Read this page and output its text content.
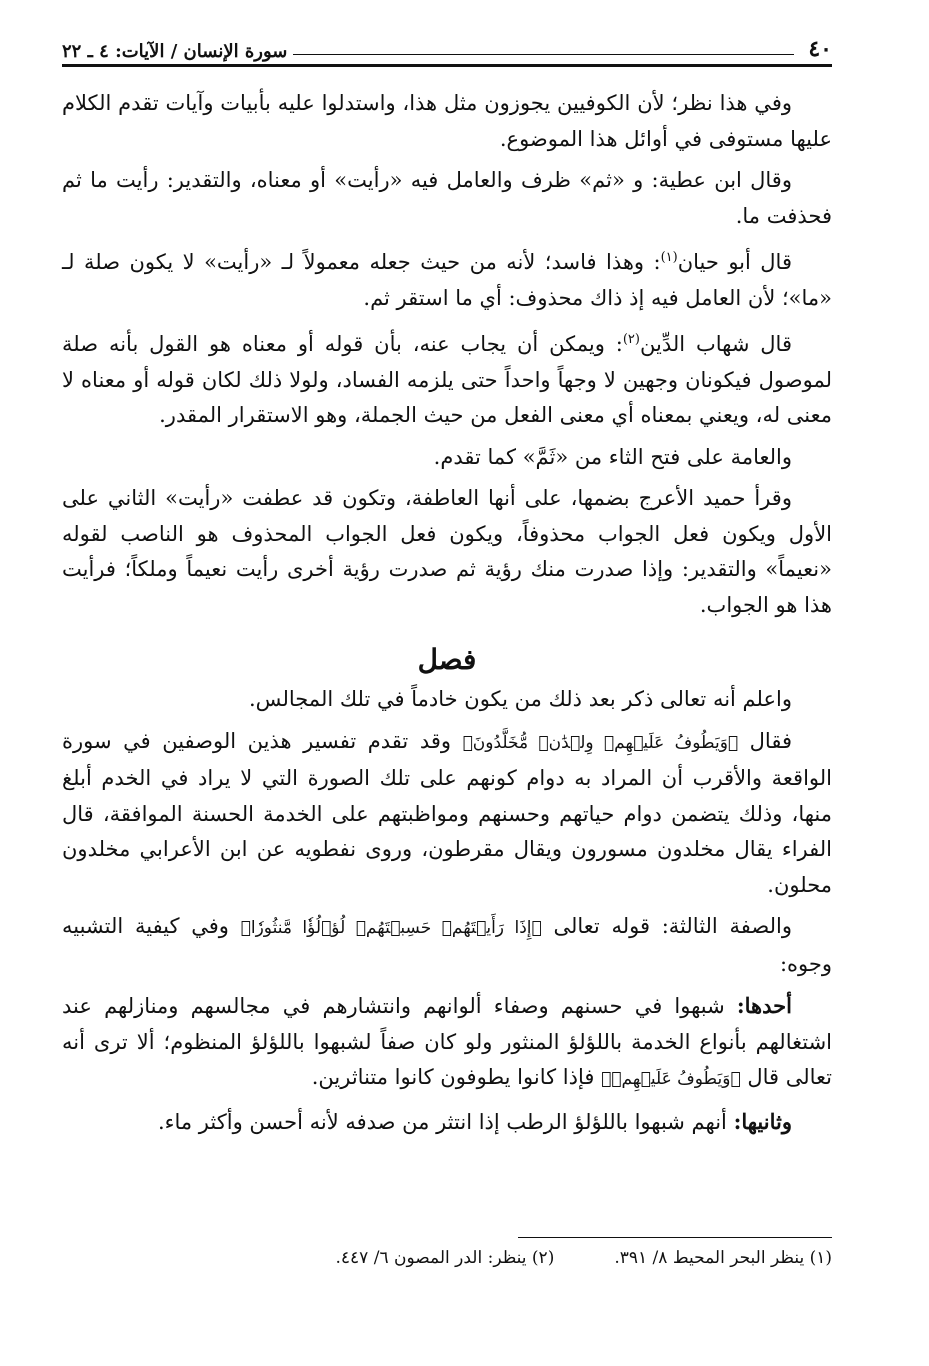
٤٠
سورة الإنسان / الآيات: ٤ ـ ٢٢

وفي هذا نظر؛ لأن الكوفيين يجوزون مثل هذا، واستدلوا عليه بأبيات وآيات تقدم الكلام عليها مستوفى في أوائل هذا الموضوع.

وقال ابن عطية: و «ثم» ظرف والعامل فيه «رأيت» أو معناه، والتقدير: رأيت ما ثم فحذفت ما.

قال أبو حيان$^{(١)}$: وهذا فاسد؛ لأنه من حيث جعله معمولاً لـ «رأيت» لا يكون صلة لـ «ما»؛ لأن العامل فيه إذ ذاك محذوف: أي ما استقر ثم.

قال شهاب الدِّين$^{(٢)}$: ويمكن أن يجاب عنه، بأن قوله أو معناه هو القول بأنه صلة لموصول فيكونان وجهين لا وجهاً واحداً حتى يلزمه الفساد، ولولا ذلك لكان قوله أو معناه لا معنى له، ويعني بمعناه أي معنى الفعل من حيث الجملة، وهو الاستقرار المقدر.

والعامة على فتح الثاء من «ثَمَّ» كما تقدم.

وقرأ حميد الأعرج بضمها، على أنها العاطفة، وتكون قد عطفت «رأيت» الثاني على الأول ويكون فعل الجواب محذوفاً، ويكون فعل الجواب المحذوف هو الناصب لقوله «نعيماً» والتقدير: وإذا صدرت منك رؤية ثم صدرت رؤية أخرى رأيت نعيماً وملكاً؛ فرأيت هذا هو الجواب.

فصل

واعلم أنه تعالى ذكر بعد ذلك من يكون خادماً في تلك المجالس.

فقال ﴿وَيَطُوفُ عَلَيۡهِمۡ وِلۡدَٰنٞ مُّخَلَّدُونَ﴾ وقد تقدم تفسير هذين الوصفين في سورة الواقعة والأقرب أن المراد به دوام كونهم على تلك الصورة التي لا يراد في الخدم أبلغ منها، وذلك يتضمن دوام حياتهم وحسنهم ومواظبتهم على الخدمة الحسنة الموافقة، قال الفراء يقال مخلدون مسورون ويقال مقرطون، وروى نفطويه عن ابن الأعرابي مخلدون محلون.

والصفة الثالثة: قوله تعالى ﴿إِذَا رَأَيۡتَهُمۡ حَسِبۡتَهُمۡ لُؤۡلُؤٗا مَّنثُورٗا﴾ وفي كيفية التشبيه وجوه:

أحدها: شبهوا في حسنهم وصفاء ألوانهم وانتشارهم في مجالسهم ومنازلهم عند اشتغالهم بأنواع الخدمة باللؤلؤ المنثور ولو كان صفاً لشبهوا باللؤلؤ المنظوم؛ ألا ترى أنه تعالى قال ﴿وَيَطُوفُ عَلَيۡهِمۡ﴾ فإذا كانوا يطوفون كانوا متناثرين.

وثانيها: أنهم شبهوا باللؤلؤ الرطب إذا انتثر من صدفه لأنه أحسن وأكثر ماء.

(١) ينظر البحر المحيط ٨/ ٣٩١.
(٢) ينظر: الدر المصون ٦/ ٤٤٧.
